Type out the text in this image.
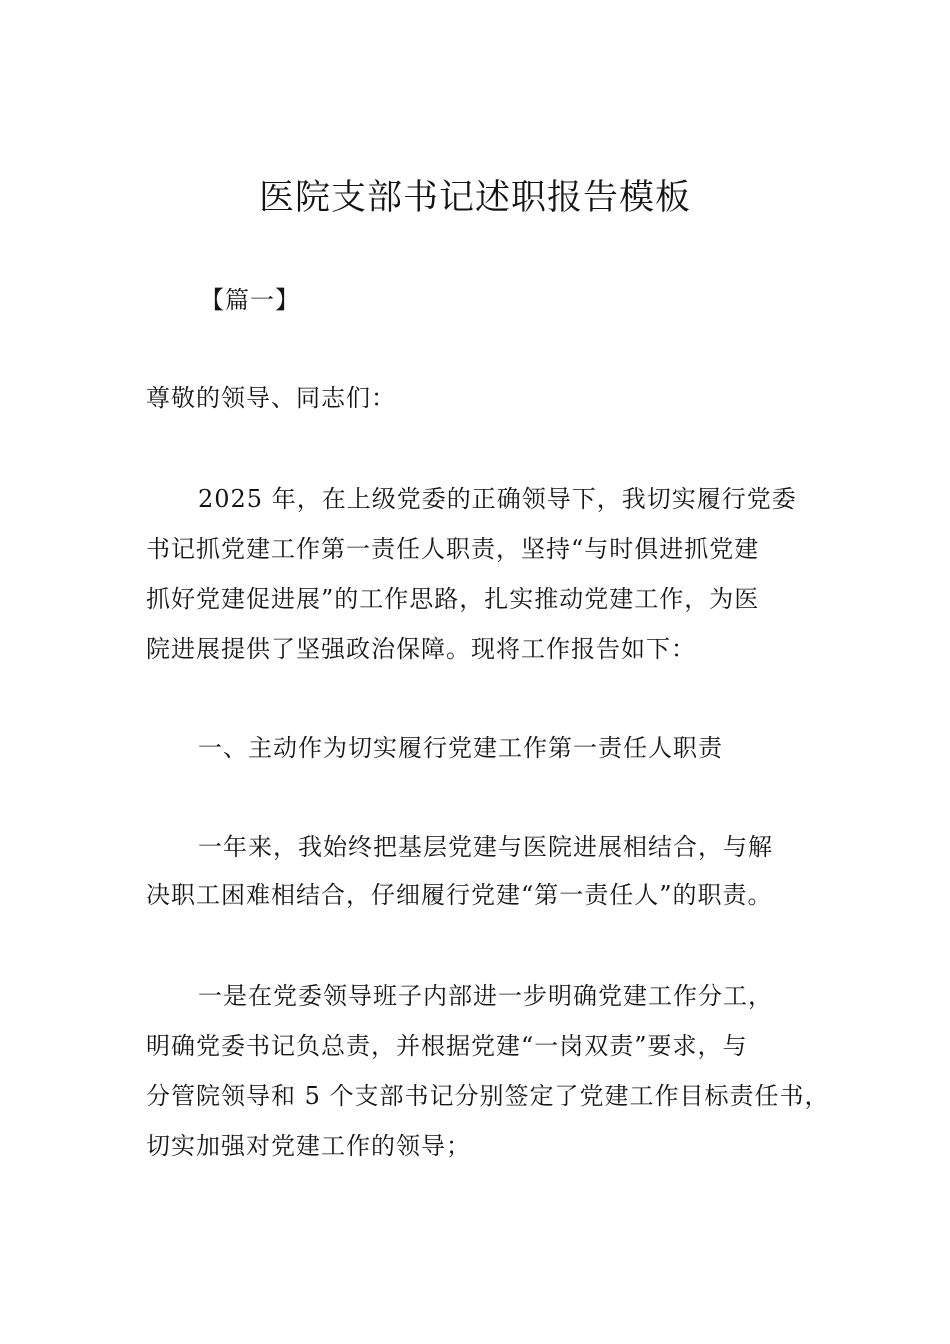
医院支部书记述职报告模板
【篇一】
尊敬的领导、同志们：
2025 年，在上级党委的正确领导下，我切实履行党委
书记抓党建工作第一责任人职责，坚持“与时俱进抓党建
抓好党建促进展”的工作思路，扎实推动党建工作，为医
院进展提供了坚强政治保障。现将工作报告如下：
一、主动作为切实履行党建工作第一责任人职责
一年来，我始终把基层党建与医院进展相结合，与解
决职工困难相结合，仔细履行党建“第一责任人”的职责。
一是在党委领导班子内部进一步明确党建工作分工，
明确党委书记负总责，并根据党建“一岗双责”要求，与
分管院领导和 5 个支部书记分别签定了党建工作目标责任书，
切实加强对党建工作的领导；
